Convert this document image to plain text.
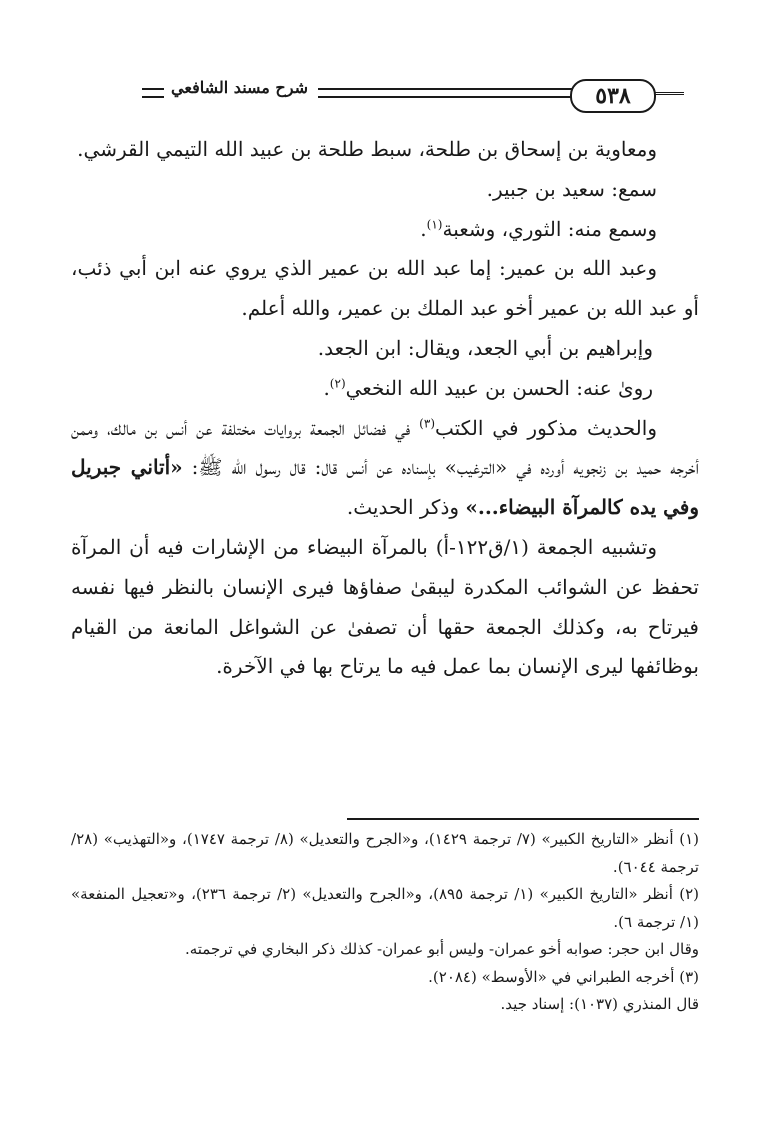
٥٣٨
شرح مسند الشافعي

ومعاوية بن إسحاق بن طلحة، سبط طلحة بن عبيد الله التيمي القرشي.

سمع: سعيد بن جبير.

وسمع منه: الثوري، وشعبة$^{(١)}$.

وعبد الله بن عمير: إما عبد الله بن عمير الذي يروي عنه ابن أبي ذئب، أو عبد الله بن عمير أخو عبد الملك بن عمير، والله أعلم.

وإبراهيم بن أبي الجعد، ويقال: ابن الجعد.

روىٰ عنه: الحسن بن عبيد الله النخعي$^{(٢)}$.

والحديث مذكور في الكتب$^{(٣)}$ في فضائل الجمعة بروايات مختلفة عن أنس بن مالك، وممن أخرجه حميد بن زنجويه أورده في «الترغيب» بإسناده عن أنس قال: قال رسول الله ﷺ: «أتاني جبريل وفي يده كالمرآة البيضاء...» وذكر الحديث.

وتشبيه الجمعة (١/ق١٢٢-أ) بالمرآة البيضاء من الإشارات فيه أن المرآة تحفظ عن الشوائب المكدرة ليبقىٰ صفاؤها فيرى الإنسان بالنظر فيها نفسه فيرتاح به، وكذلك الجمعة حقها أن تصفىٰ عن الشواغل المانعة من القيام بوظائفها ليرى الإنسان بما عمل فيه ما يرتاح بها في الآخرة.

(١) أنظر «التاريخ الكبير» (٧/ ترجمة ١٤٢٩)، و«الجرح والتعديل» (٨/ ترجمة ١٧٤٧)، و«التهذيب» (٢٨/ ترجمة ٦٠٤٤).

(٢) أنظر «التاريخ الكبير» (١/ ترجمة ٨٩٥)، و«الجرح والتعديل» (٢/ ترجمة ٢٣٦)، و«تعجيل المنفعة» (١/ ترجمة ٦).

وقال ابن حجر: صوابه أخو عمران- وليس أبو عمران- كذلك ذكر البخاري في ترجمته.

(٣) أخرجه الطبراني في «الأوسط» (٢٠٨٤).

قال المنذري (١٠٣٧): إسناد جيد.
